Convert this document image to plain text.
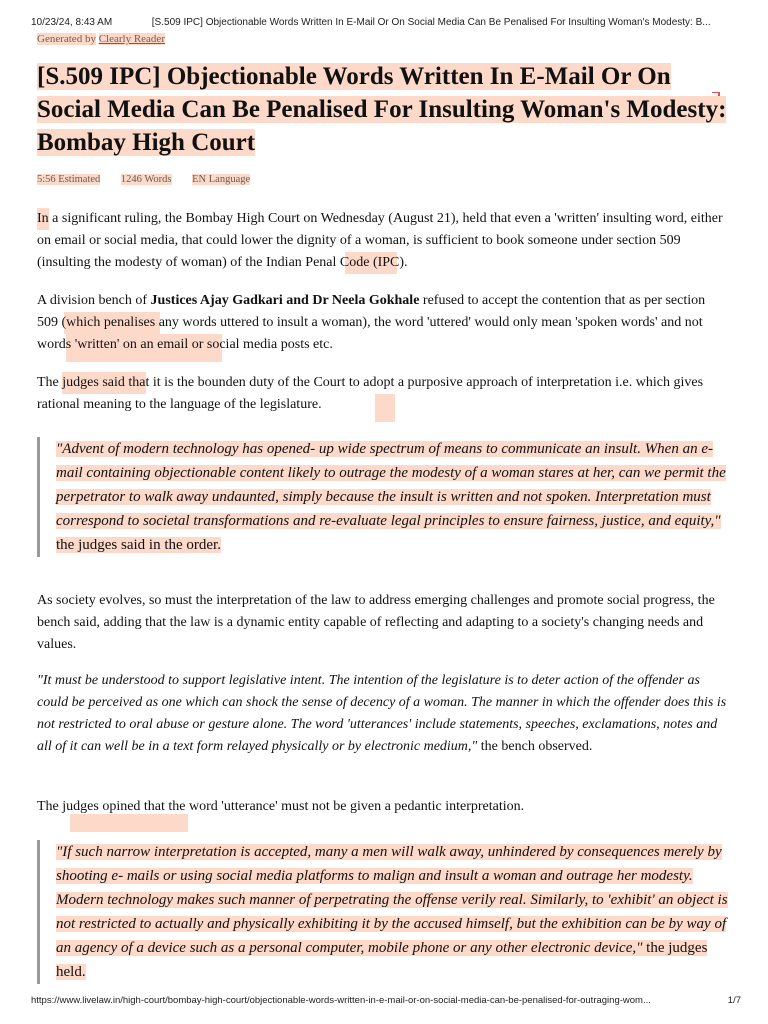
10/23/24, 8:43 AM	[S.509 IPC] Objectionable Words Written In E-Mail Or On Social Media Can Be Penalised For Insulting Woman's Modesty: B...
Generated by Clearly Reader
[S.509 IPC] Objectionable Words Written In E-Mail Or On Social Media Can Be Penalised For Insulting Woman's Modesty: Bombay High Court
5:56 Estimated 1246 Words EN Language

In a significant ruling, the Bombay High Court on Wednesday (August 21), held that even a 'written' insulting word, either on email or social media, that could lower the dignity of a woman, is sufficient to book someone under section 509 (insulting the modesty of woman) of the Indian Penal Code (IPC).

A division bench of Justices Ajay Gadkari and Dr Neela Gokhale refused to accept the contention that as per section 509 (which penalises any words uttered to insult a woman), the word 'uttered' would only mean 'spoken words' and not words 'written' on an email or social media posts etc.

The judges said that it is the bounden duty of the Court to adopt a purposive approach of interpretation i.e. which gives rational meaning to the language of the legislature.

"Advent of modern technology has opened- up wide spectrum of means to communicate an insult. When an e-mail containing objectionable content likely to outrage the modesty of a woman stares at her, can we permit the perpetrator to walk away undaunted, simply because the insult is written and not spoken. Interpretation must correspond to societal transformations and re-evaluate legal principles to ensure fairness, justice, and equity," the judges said in the order.

As society evolves, so must the interpretation of the law to address emerging challenges and promote social progress, the bench said, adding that the law is a dynamic entity capable of reflecting and adapting to a society's changing needs and values.

"It must be understood to support legislative intent. The intention of the legislature is to deter action of the offender as could be perceived as one which can shock the sense of decency of a woman. The manner in which the offender does this is not restricted to oral abuse or gesture alone. The word 'utterances' include statements, speeches, exclamations, notes and all of it can well be in a text form relayed physically or by electronic medium," the bench observed.

The judges opined that the word 'utterance' must not be given a pedantic interpretation.

"If such narrow interpretation is accepted, many a men will walk away, unhindered by consequences merely by shooting e- mails or using social media platforms to malign and insult a woman and outrage her modesty. Modern technology makes such manner of perpetrating the offense verily real. Similarly, to 'exhibit' an object is not restricted to actually and physically exhibiting it by the accused himself, but the exhibition can be by way of an agency of a device such as a personal computer, mobile phone or any other electronic device," the judges held.
https://www.livelaw.in/high-court/bombay-high-court/objectionable-words-written-in-e-mail-or-on-social-media-can-be-penalised-for-outraging-wom...	1/7
